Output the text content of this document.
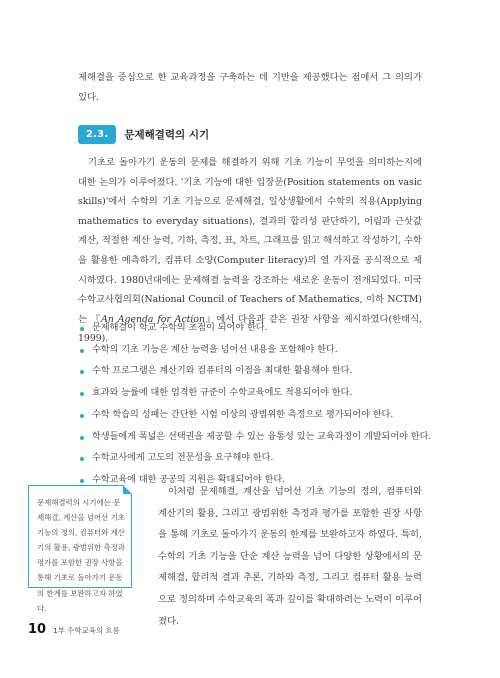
제해결을 중심으로 한 교육과정을 구축하는 데 기반을 제공했다는 점에서 그 의의가 있다.

2.3.	문제해결력의 시기

기초로 돌아가기 운동의 문제를 해결하기 위해 기초 기능이 무엇을 의미하는지에 대한 논의가 이루어졌다. '기초 기능에 대한 입장문(Position statements on vasic skills)'에서 수학의 기초 기능으로 문제해결, 일상생활에서 수학의 적용(Applying mathematics to everyday situations), 결과의 합리성 판단하기, 어림과 근삿값 계산, 적절한 계산 능력, 기하, 측정, 표, 차트, 그래프를 읽고 해석하고 작성하기, 수학을 활용한 예측하기, 컴퓨터 소양(Computer literacy)의 열 가지를 공식적으로 제시하였다. 1980년대에는 문제해결 능력을 강조하는 새로운 운동이 전개되었다. 미국 수학교사협의회(National Council of Teachers of Mathematics, 이하 NCTM)는 『An Agenda for Action』에서 다음과 같은 권장 사항을 제시하였다(한태식, 1999).

문제해결이 학교 수학의 초점이 되어야 한다.
수학의 기초 기능은 계산 능력을 넘어선 내용을 포함해야 한다.
수학 프로그램은 계산기와 컴퓨터의 이점을 최대한 활용해야 한다.
효과와 능률에 대한 엄격한 규준이 수학교육에도 적용되어야 한다.
수학 학습의 성패는 간단한 시험 이상의 광범위한 측정으로 평가되어야 한다.
학생들에게 폭넓은 선택권을 제공할 수 있는 융통성 있는 교육과정이 개발되어야 한다.
수학교사에게 고도의 전문성을 요구해야 한다.
수학교육에 대한 공공의 지원은 확대되어야 한다.
문제해결력의 시기에는 문제해결, 계산을 넘어선 기초 기능의 정의, 컴퓨터와 계산기의 활용, 광범위한 측정과 평가를 포함한 권장 사항을 통해 기초로 돌아가기 운동의 한계를 보완하고자 하였다.

이처럼 문제해결, 계산을 넘어선 기초 기능의 정의, 컴퓨터와 계산기의 활용, 그리고 광범위한 측정과 평가를 포함한 권장 사항을 통해 기초로 돌아가기 운동의 한계를 보완하고자 하였다. 특히, 수학의 기초 기능을 단순 계산 능력을 넘어 다양한 상황에서의 문제해결, 합리적 결과 추론, 기하와 측정, 그리고 컴퓨터 활용 능력으로 정의하며 수학교육의 폭과 깊이를 확대하려는 노력이 이루어졌다.

10 1부 수학교육의 흐름
